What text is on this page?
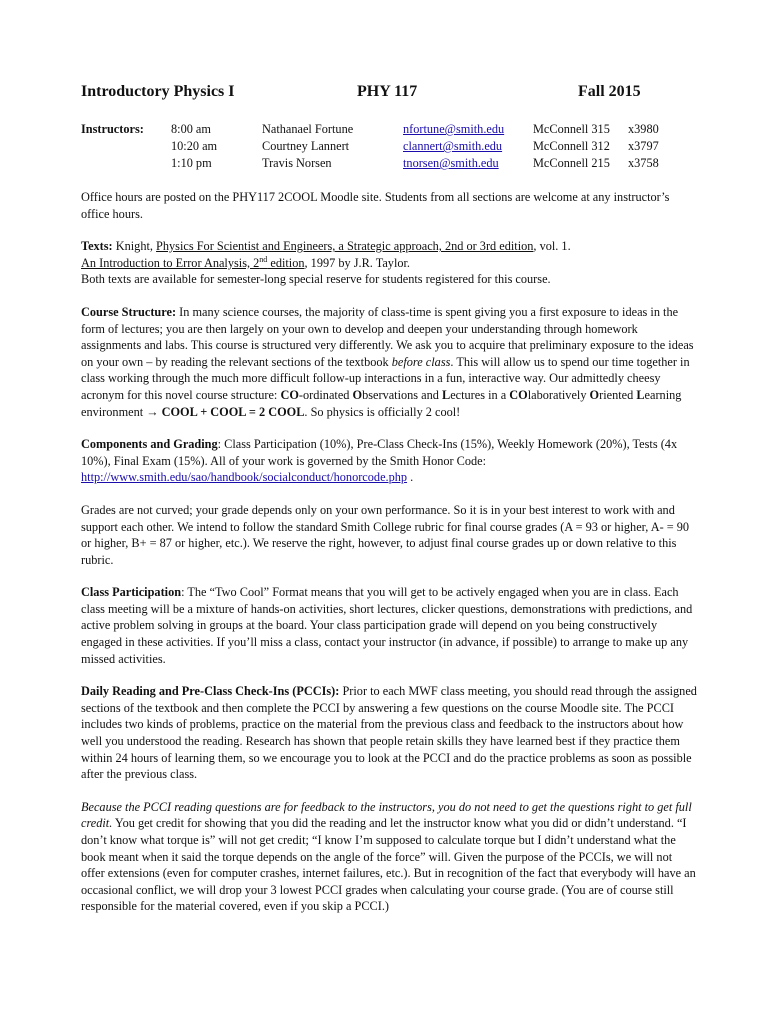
Introductory Physics I	PHY 117	Fall 2015
Instructors: 8:00 am	Nathanael Fortune	nfortune@smith.edu McConnell 315 x3980
10:20 am	Courtney Lannert	clannert@smith.edu	McConnell 312 x3797
1:10 pm	Travis Norsen	tnorsen@smith.edu	McConnell 215 x3758

Office hours are posted on the PHY117 2COOL Moodle site. Students from all sections are welcome at any instructor’s office hours.

Texts: Knight, Physics For Scientist and Engineers, a Strategic approach, 2nd or 3rd edition, vol. 1.
An Introduction to Error Analysis, 2nd edition, 1997 by J.R. Taylor.
Both texts are available for semester-long special reserve for students registered for this course.

Course Structure: In many science courses, the majority of class-time is spent giving you a first exposure to ideas in the form of lectures; you are then largely on your own to develop and deepen your understanding through homework assignments and labs. This course is structured very differently. We ask you to acquire that preliminary exposure to the ideas on your own – by reading the relevant sections of the textbook before class. This will allow us to spend our time together in class working through the much more difficult follow-up interactions in a fun, interactive way. Our admittedly cheesy acronym for this novel course structure: CO-ordinated Observations and Lectures in a COlaboratively Oriented Learning environment → COOL + COOL = 2 COOL. So physics is officially 2 cool!

Components and Grading: Class Participation (10%), Pre-Class Check-Ins (15%), Weekly Homework (20%), Tests (4x 10%), Final Exam (15%). All of your work is governed by the Smith Honor Code: http://www.smith.edu/sao/handbook/socialconduct/honorcode.php .

Grades are not curved; your grade depends only on your own performance. So it is in your best interest to work with and support each other. We intend to follow the standard Smith College rubric for final course grades (A = 93 or higher, A- = 90 or higher, B+ = 87 or higher, etc.). We reserve the right, however, to adjust final course grades up or down relative to this rubric.

Class Participation: The “Two Cool” Format means that you will get to be actively engaged when you are in class. Each class meeting will be a mixture of hands-on activities, short lectures, clicker questions, demonstrations with predictions, and active problem solving in groups at the board. Your class participation grade will depend on you being constructively engaged in these activities. If you’ll miss a class, contact your instructor (in advance, if possible) to arrange to make up any missed activities.

Daily Reading and Pre-Class Check-Ins (PCCIs): Prior to each MWF class meeting, you should read through the assigned sections of the textbook and then complete the PCCI by answering a few questions on the course Moodle site. The PCCI includes two kinds of problems, practice on the material from the previous class and feedback to the instructors about how well you understood the reading. Research has shown that people retain skills they have learned best if they practice them within 24 hours of learning them, so we encourage you to look at the PCCI and do the practice problems as soon as possible after the previous class.

Because the PCCI reading questions are for feedback to the instructors, you do not need to get the questions right to get full credit. You get credit for showing that you did the reading and let the instructor know what you did or didn’t understand. “I don’t know what torque is” will not get credit; “I know I’m supposed to calculate torque but I didn’t understand what the book meant when it said the torque depends on the angle of the force” will. Given the purpose of the PCCIs, we will not offer extensions (even for computer crashes, internet failures, etc.). But in recognition of the fact that everybody will have an occasional conflict, we will drop your 3 lowest PCCI grades when calculating your course grade. (You are of course still responsible for the material covered, even if you skip a PCCI.)
